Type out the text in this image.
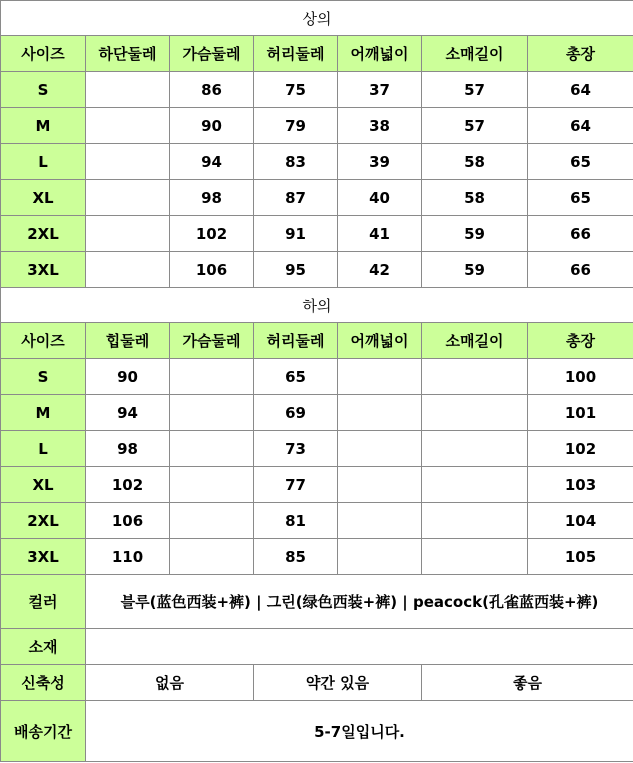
상의						
사이즈	하단둘레	가슴둘레	허리둘레	어깨넓이	소매길이	총장
S		86	75	37	57	64
M		90	79	38	57	64
L		94	83	39	58	65
XL		98	87	40	58	65
2XL		102	91	41	59	66
3XL		106	95	42	59	66
하의						
사이즈	힙둘레	가슴둘레	허리둘레	어깨넓이	소매길이	총장
S	90		65			100
M	94		69			101
L	98		73			102
XL	102		77			103
2XL	106		81			104
3XL	110		85			105
컬러	블루(蓝色西装+裤) | 그린(绿色西装+裤) | peacock(孔雀蓝西装+裤)					
소재						
신축성	없음		약간 있음		좋음	
배송기간	5-7일입니다.					
